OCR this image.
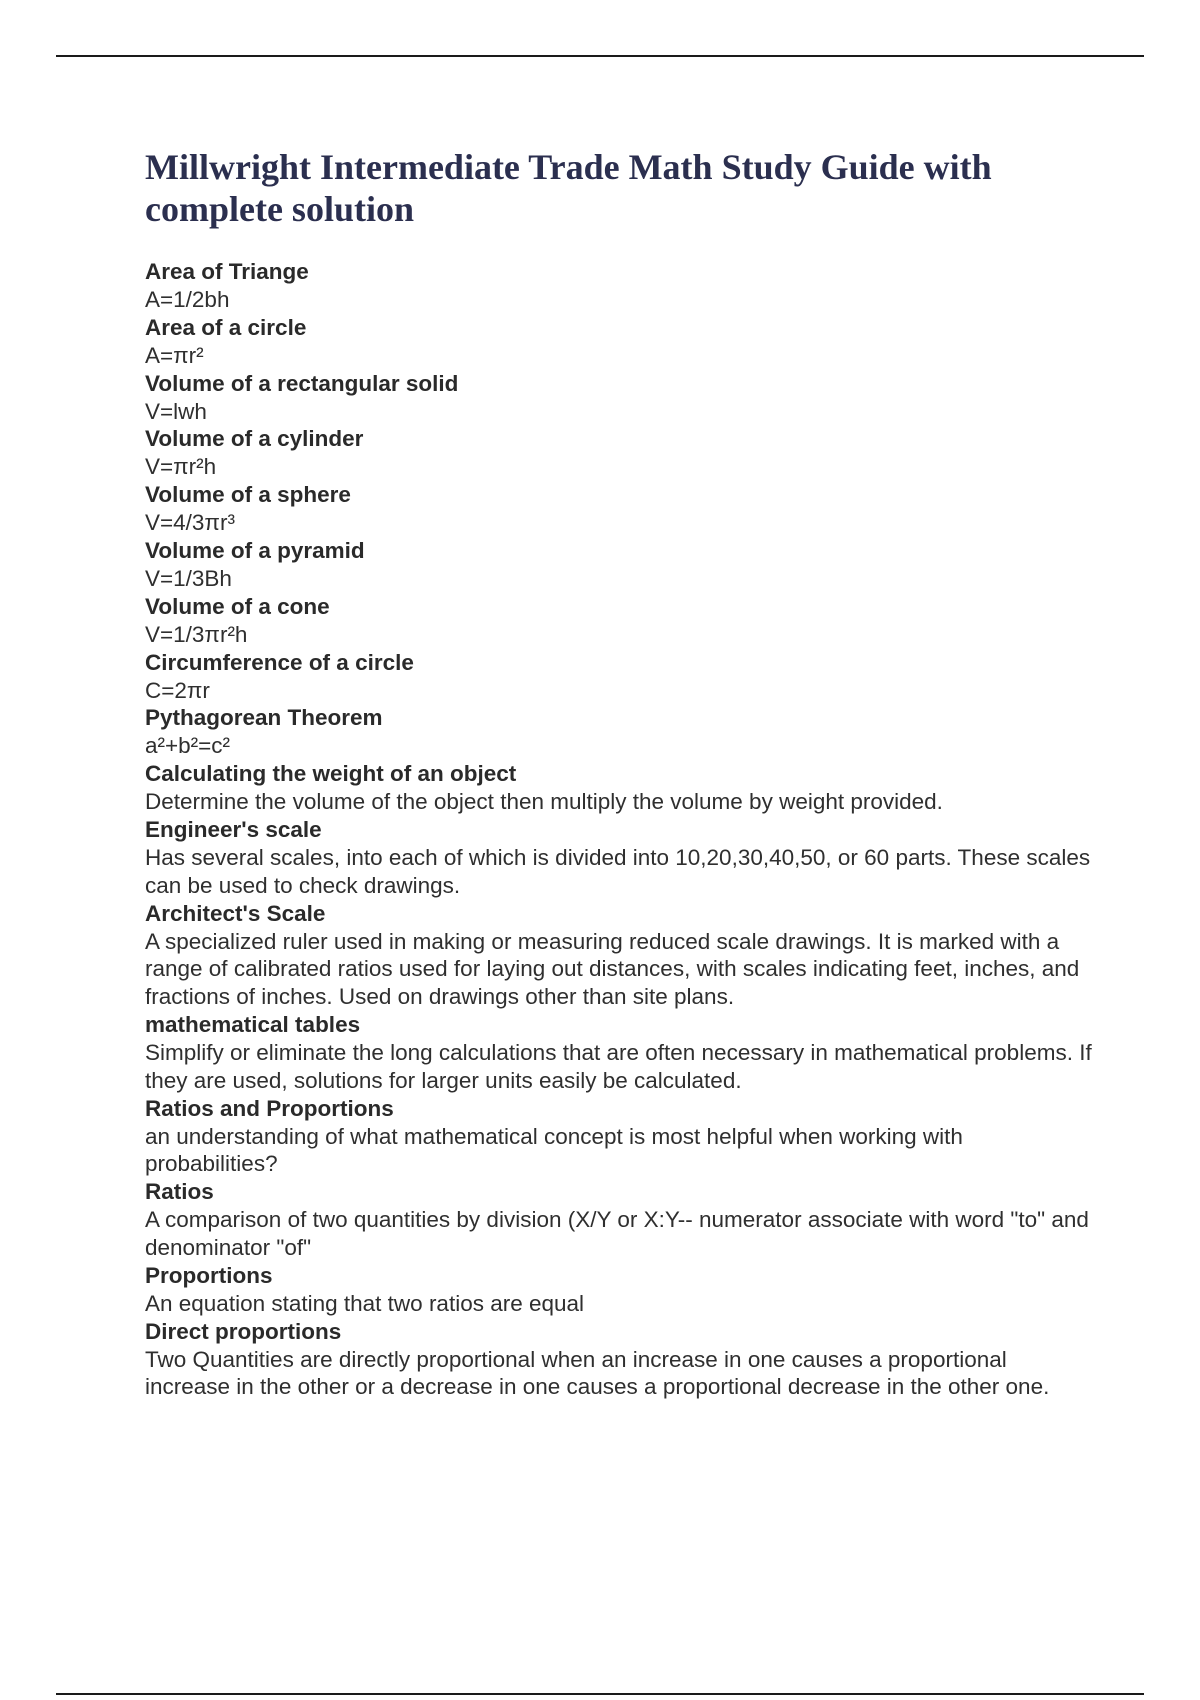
Millwright Intermediate Trade Math Study Guide with complete solution
Area of Triange
A=1/2bh
Area of a circle
A=πr²
Volume of a rectangular solid
V=lwh
Volume of a cylinder
V=πr²h
Volume of a sphere
V=4/3πr³
Volume of a pyramid
V=1/3Bh
Volume of a cone
V=1/3πr²h
Circumference of a circle
C=2πr
Pythagorean Theorem
a²+b²=c²
Calculating the weight of an object
Determine the volume of the object then multiply the volume by weight provided.
Engineer's scale
Has several scales, into each of which is divided into 10,20,30,40,50, or 60 parts. These scales can be used to check drawings.
Architect's Scale
A specialized ruler used in making or measuring reduced scale drawings. It is marked with a range of calibrated ratios used for laying out distances, with scales indicating feet, inches, and fractions of inches. Used on drawings other than site plans.
mathematical tables
Simplify or eliminate the long calculations that are often necessary in mathematical problems. If they are used, solutions for larger units easily be calculated.
Ratios and Proportions
an understanding of what mathematical concept is most helpful when working with probabilities?
Ratios
A comparison of two quantities by division (X/Y or X:Y-- numerator associate with word "to" and denominator "of"
Proportions
An equation stating that two ratios are equal
Direct proportions
Two Quantities are directly proportional when an increase in one causes a proportional increase in the other or a decrease in one causes a proportional decrease in the other one.
